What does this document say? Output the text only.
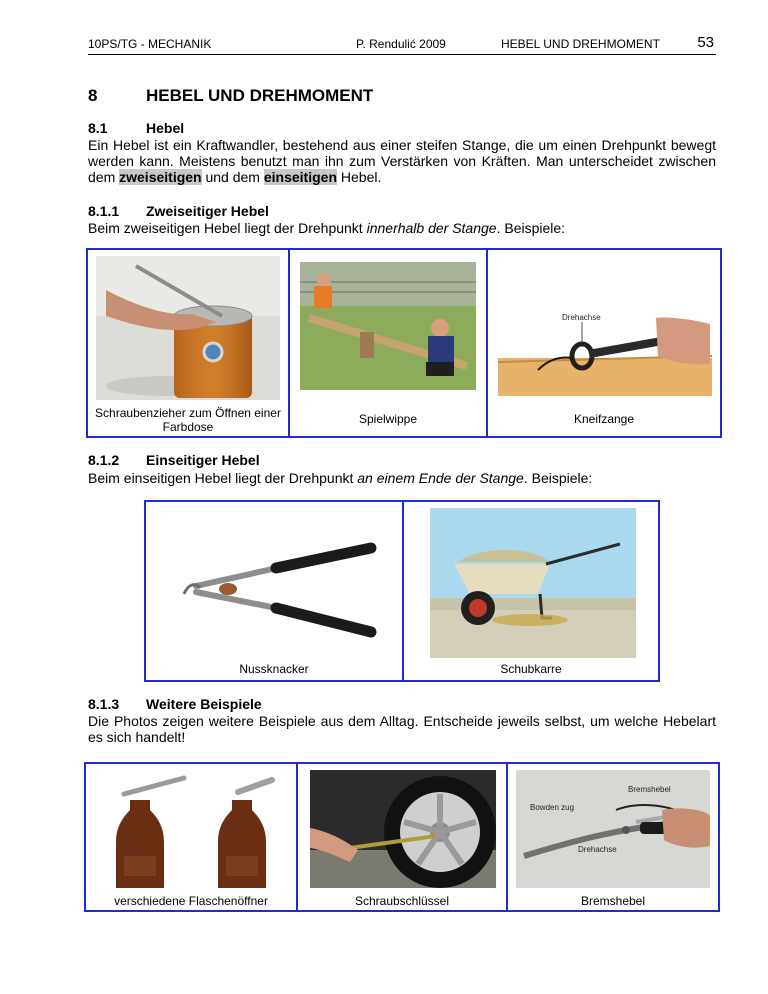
10PS/TG - MECHANIK	P. Rendulić 2009	HEBEL UND DREHMOMENT 53
8	HEBEL UND DREHMOMENT
8.1	Hebel
Ein Hebel ist ein Kraftwandler, bestehend aus einer steifen Stange, die um einen Drehpunkt bewegt werden kann. Meistens benutzt man ihn zum Verstärken von Kräften. Man unterscheidet zwischen dem zweiseitigen und dem einseitigen Hebel.
8.1.1 Zweiseitiger Hebel
Beim zweiseitigen Hebel liegt der Drehpunkt innerhalb der Stange. Beispiele:
Schraubenzieher zum Öffnen einer Farbdose
Spielwippe
Drehachse
Kneifzange
8.1.2 Einseitiger Hebel
Beim einseitigen Hebel liegt der Drehpunkt an einem Ende der Stange. Beispiele:
Nussknacker	Schubkarre
8.1.3 Weitere Beispiele
Die Photos zeigen weitere Beispiele aus dem Alltag. Entscheide jeweils selbst, um welche Hebelart es sich handelt!
verschiedene Flaschenöffner	Schraubschlüssel
Bremshebel
Bowden zug
Drehachse
Bremshebel
